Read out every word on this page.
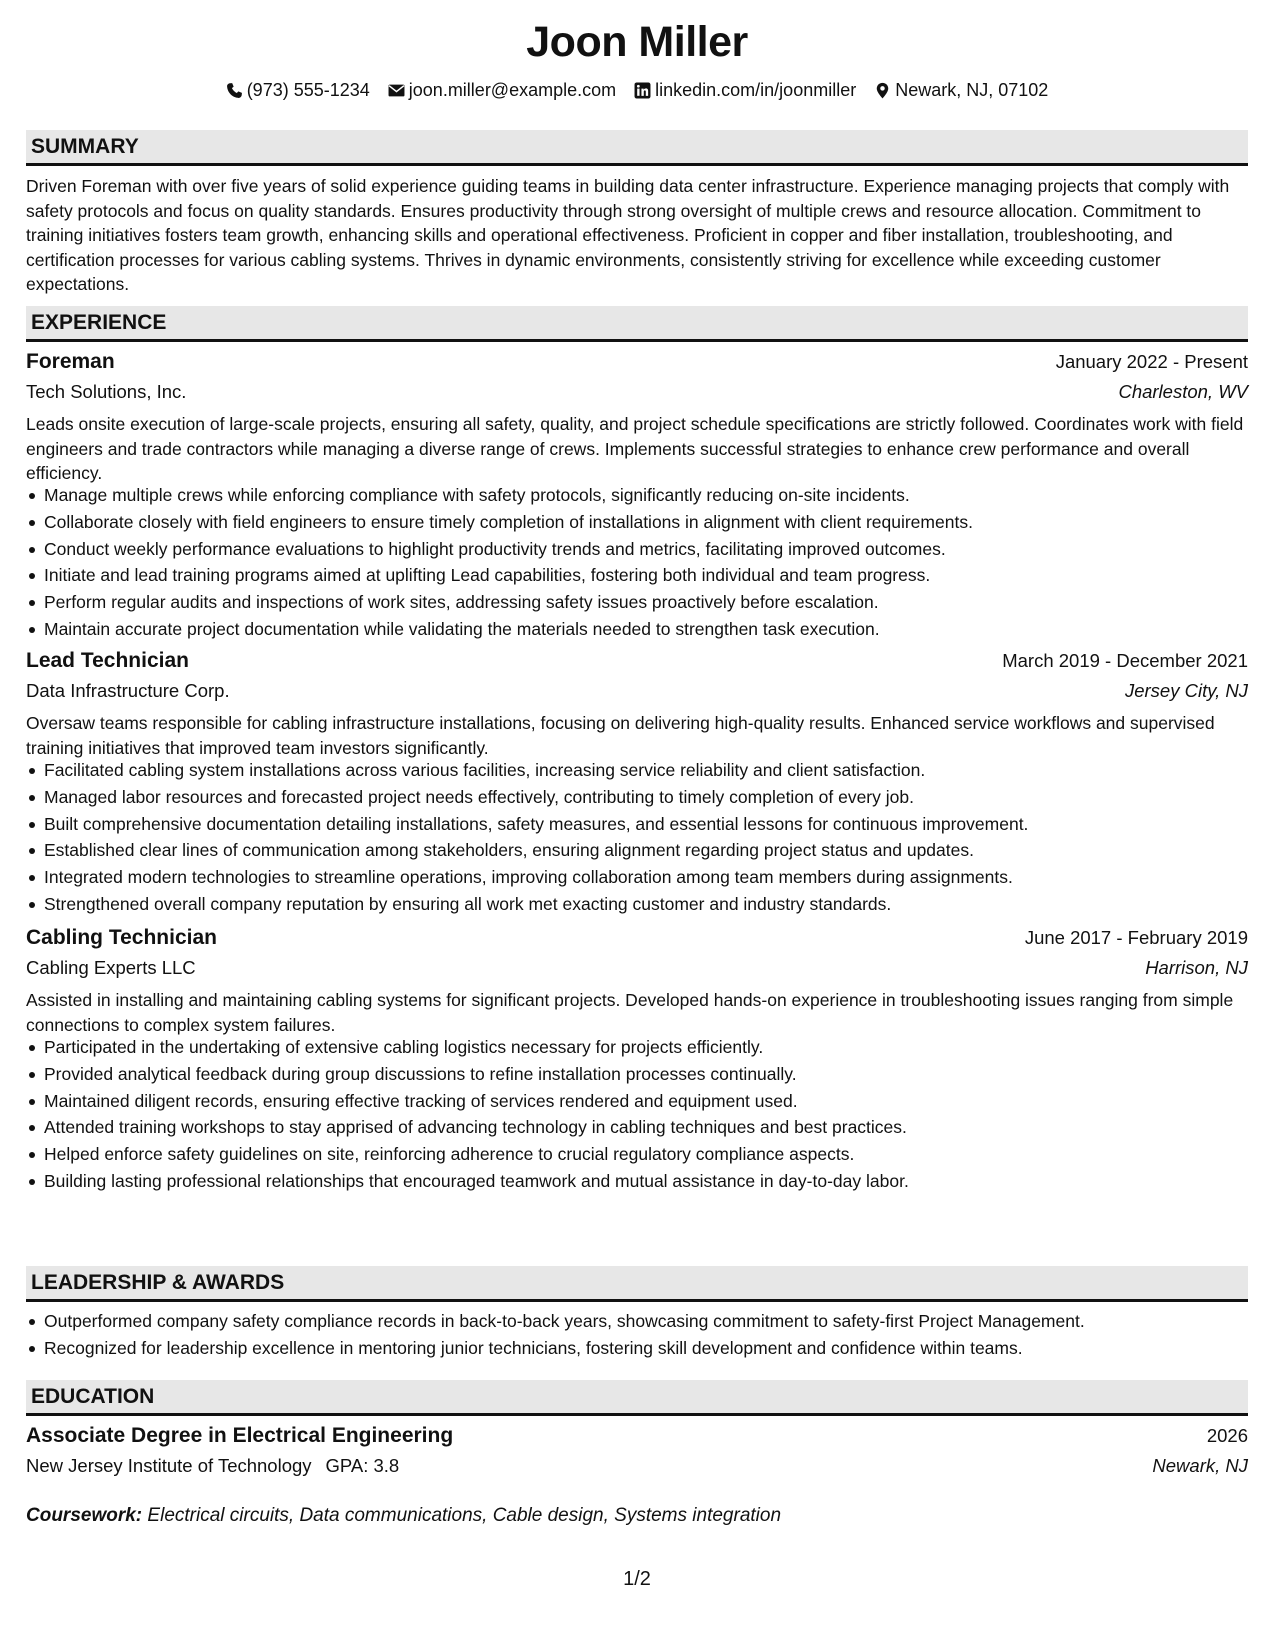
Joon Miller
(973) 555-1234 joon.miller@example.com linkedin.com/in/joonmiller Newark, NJ, 07102
SUMMARY
Driven Foreman with over five years of solid experience guiding teams in building data center infrastructure. Experience managing projects that comply with safety protocols and focus on quality standards. Ensures productivity through strong oversight of multiple crews and resource allocation. Commitment to training initiatives fosters team growth, enhancing skills and operational effectiveness. Proficient in copper and fiber installation, troubleshooting, and certification processes for various cabling systems. Thrives in dynamic environments, consistently striving for excellence while exceeding customer expectations.
EXPERIENCE
Foreman	January 2022 - Present
Tech Solutions, Inc.	Charleston, WV
Leads onsite execution of large-scale projects, ensuring all safety, quality, and project schedule specifications are strictly followed. Coordinates work with field engineers and trade contractors while managing a diverse range of crews. Implements successful strategies to enhance crew performance and overall efficiency.
Manage multiple crews while enforcing compliance with safety protocols, significantly reducing on-site incidents.
Collaborate closely with field engineers to ensure timely completion of installations in alignment with client requirements.
Conduct weekly performance evaluations to highlight productivity trends and metrics, facilitating improved outcomes.
Initiate and lead training programs aimed at uplifting Lead capabilities, fostering both individual and team progress.
Perform regular audits and inspections of work sites, addressing safety issues proactively before escalation.
Maintain accurate project documentation while validating the materials needed to strengthen task execution.
Lead Technician	March 2019 - December 2021
Data Infrastructure Corp.	Jersey City, NJ
Oversaw teams responsible for cabling infrastructure installations, focusing on delivering high-quality results. Enhanced service workflows and supervised training initiatives that improved team investors significantly.
Facilitated cabling system installations across various facilities, increasing service reliability and client satisfaction.
Managed labor resources and forecasted project needs effectively, contributing to timely completion of every job.
Built comprehensive documentation detailing installations, safety measures, and essential lessons for continuous improvement.
Established clear lines of communication among stakeholders, ensuring alignment regarding project status and updates.
Integrated modern technologies to streamline operations, improving collaboration among team members during assignments.
Strengthened overall company reputation by ensuring all work met exacting customer and industry standards.
Cabling Technician	June 2017 - February 2019
Cabling Experts LLC	Harrison, NJ
Assisted in installing and maintaining cabling systems for significant projects. Developed hands-on experience in troubleshooting issues ranging from simple connections to complex system failures.
Participated in the undertaking of extensive cabling logistics necessary for projects efficiently.
Provided analytical feedback during group discussions to refine installation processes continually.
Maintained diligent records, ensuring effective tracking of services rendered and equipment used.
Attended training workshops to stay apprised of advancing technology in cabling techniques and best practices.
Helped enforce safety guidelines on site, reinforcing adherence to crucial regulatory compliance aspects.
Building lasting professional relationships that encouraged teamwork and mutual assistance in day-to-day labor.
LEADERSHIP & AWARDS
Outperformed company safety compliance records in back-to-back years, showcasing commitment to safety-first Project Management.
Recognized for leadership excellence in mentoring junior technicians, fostering skill development and confidence within teams.
EDUCATION
Associate Degree in Electrical Engineering	2026
New Jersey Institute of Technology GPA: 3.8	Newark, NJ
Coursework: Electrical circuits, Data communications, Cable design, Systems integration
1/2
